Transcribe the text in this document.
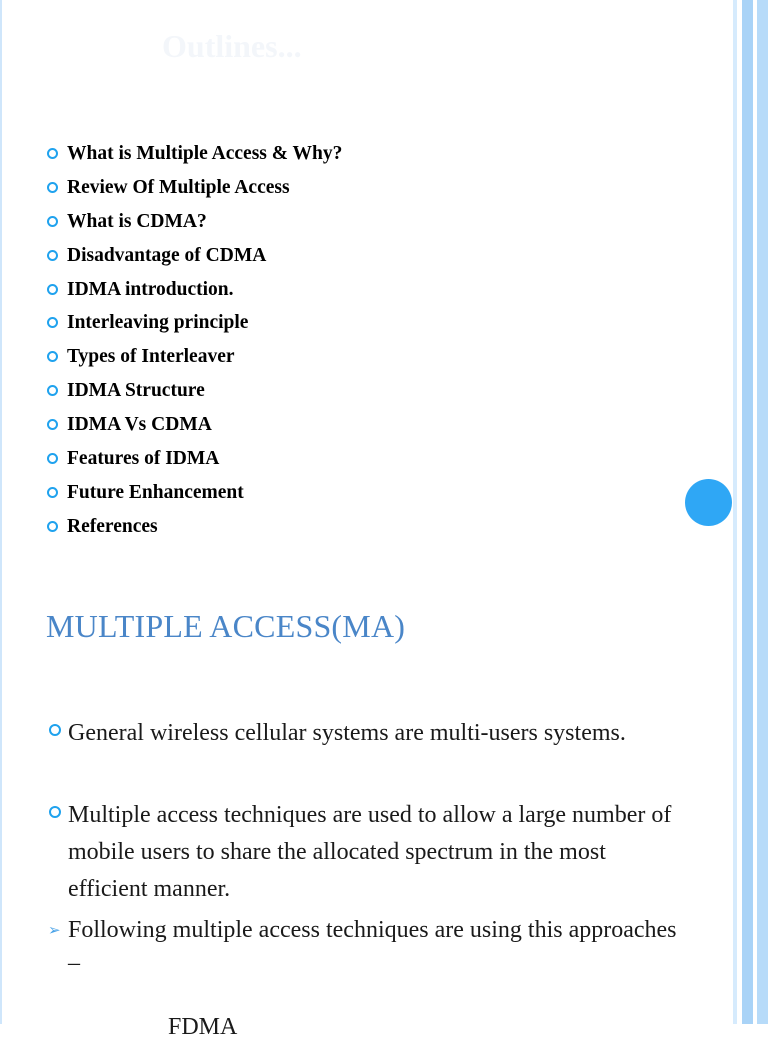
Outlines...
What is Multiple Access & Why?
Review Of Multiple Access
What is CDMA?
Disadvantage of CDMA
IDMA introduction.
Interleaving principle
Types of Interleaver
IDMA Structure
IDMA Vs CDMA
Features of IDMA
Future Enhancement
References
MULTIPLE ACCESS(MA)

General wireless cellular systems are multi-users systems.

Multiple access techniques are used to allow a large number of mobile users to share the allocated spectrum in the most efficient manner.

➢ Following multiple access techniques are using this approaches –

FDMA
